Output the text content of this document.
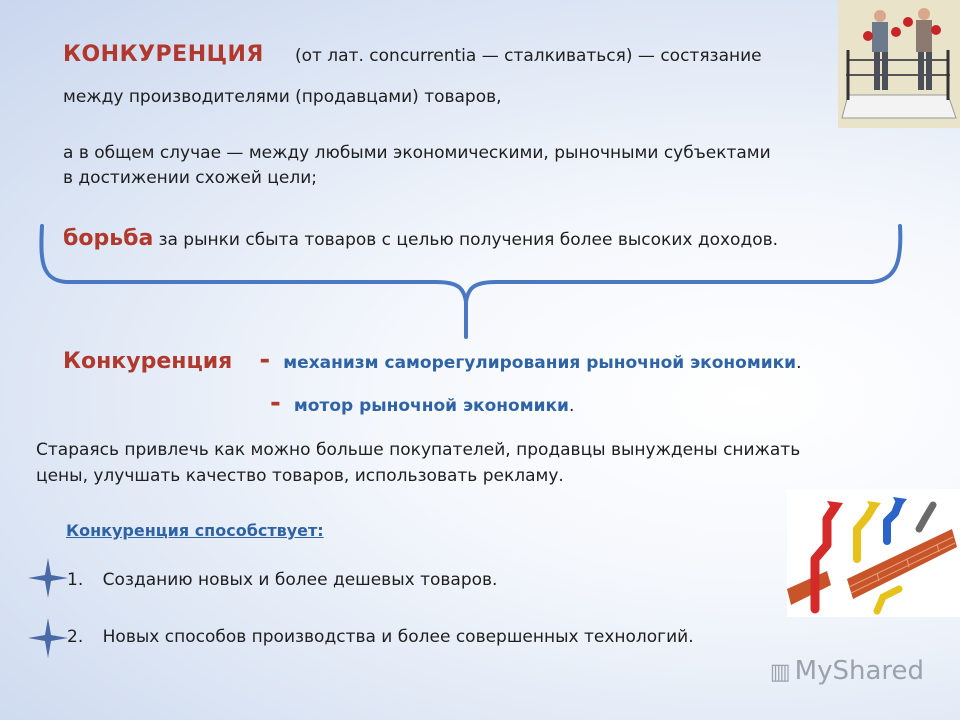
КОНКУРЕНЦИЯ (от лат. concurrentia — сталкиваться) — состязание
между производителями (продавцами) товаров,
а в общем случае — между любыми экономическими, рыночными субъектами
в достижении схожей цели;
борьба за рынки сбыта товаров с целью получения более высоких доходов.
Конкуренция - механизм саморегулирования рыночной экономики.
- мотор рыночной экономики.
Стараясь привлечь как можно больше покупателей, продавцы вынуждены снижать
цены, улучшать качество товаров, использовать рекламу.
Конкуренция способствует:
1. Созданию новых и более дешевых товаров.
2. Новых способов производства и более совершенных технологий.
▥ MyShared
